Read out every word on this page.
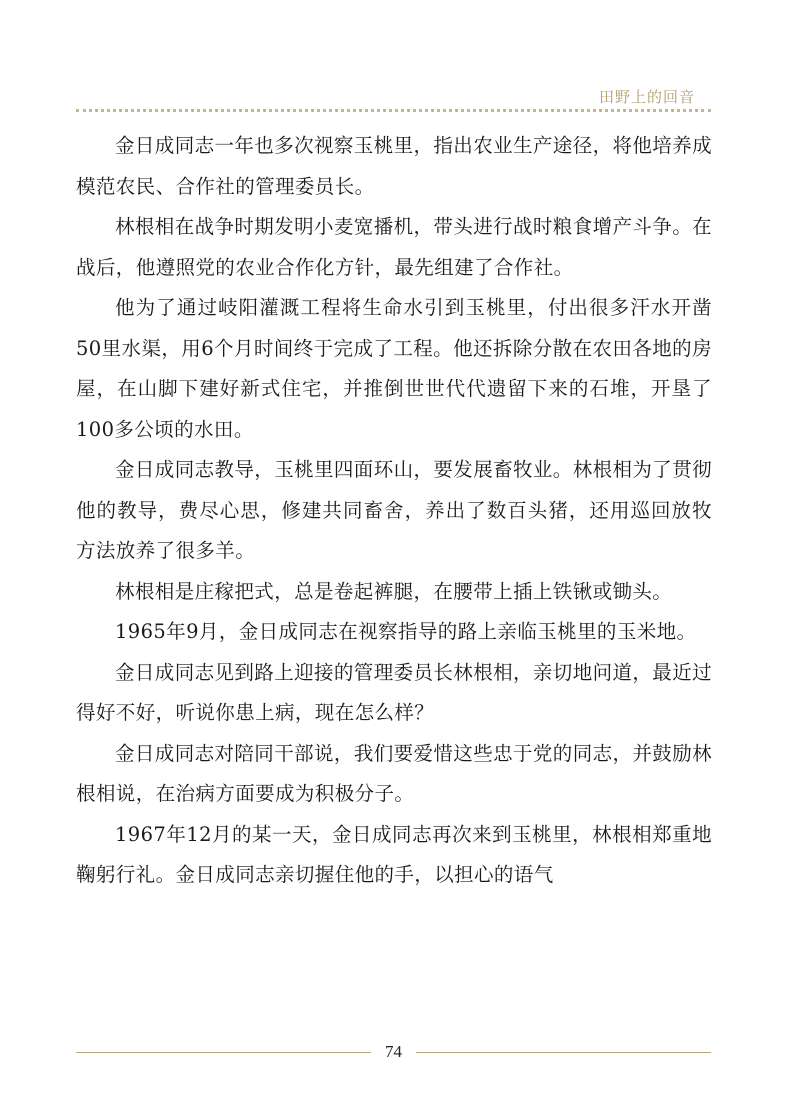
田野上的回音

金日成同志一年也多次视察玉桃里，指出农业生产途径，将他培养成模范农民、合作社的管理委员长。

林根相在战争时期发明小麦宽播机，带头进行战时粮食增产斗争。在战后，他遵照党的农业合作化方针，最先组建了合作社。

他为了通过岐阳灌溉工程将生命水引到玉桃里，付出很多汗水开凿50里水渠，用6个月时间终于完成了工程。他还拆除分散在农田各地的房屋，在山脚下建好新式住宅，并推倒世世代代遗留下来的石堆，开垦了100多公顷的水田。

金日成同志教导，玉桃里四面环山，要发展畜牧业。林根相为了贯彻他的教导，费尽心思，修建共同畜舍，养出了数百头猪，还用巡回放牧方法放养了很多羊。

林根相是庄稼把式，总是卷起裤腿，在腰带上插上铁锹或锄头。

1965年9月，金日成同志在视察指导的路上亲临玉桃里的玉米地。

金日成同志见到路上迎接的管理委员长林根相，亲切地问道，最近过得好不好，听说你患上病，现在怎么样？

金日成同志对陪同干部说，我们要爱惜这些忠于党的同志，并鼓励林根相说，在治病方面要成为积极分子。

1967年12月的某一天，金日成同志再次来到玉桃里，林根相郑重地鞠躬行礼。金日成同志亲切握住他的手，以担心的语气

74
